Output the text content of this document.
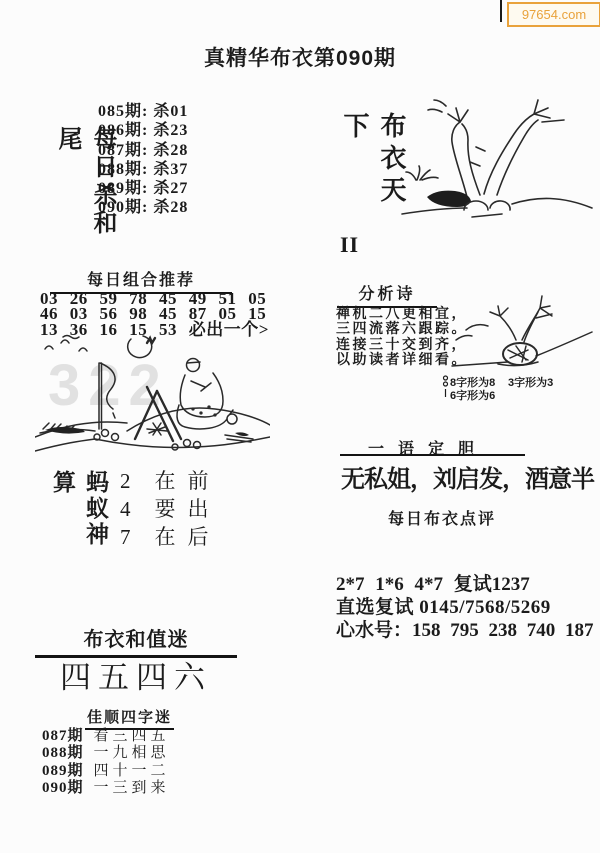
97654.com
真精华布衣第090期
每日杀和尾
085期: 杀01
086期: 杀23
087期: 杀28
088期: 杀37
089期: 杀27
090期: 杀28	布衣天下
II
每日组合推荐
03 26 59 78 45 49 51 05
46 03 56 98 45 87 05 15
13 36 16 15 53 必出一个>
322
分析诗
禅机二八更相宜，
三四流落六跟踪。
连接三十交到齐，
以助读者详细看。
8字形为8 3字形为3
6字形为6
一语定胆
无私姐，刘启发，酒意半
每日布衣点评
蚂蚁神算	2 在前
4 要出
7 在后
2*7 1*6 4*7 复试1237
直选复试 0145/7568/5269
心水号：158 795 238 740 187
布衣和值迷
四五四六
佳顺四字迷
087期 看三四五
088期 一九相思
089期 四十一二
090期 一三到来
